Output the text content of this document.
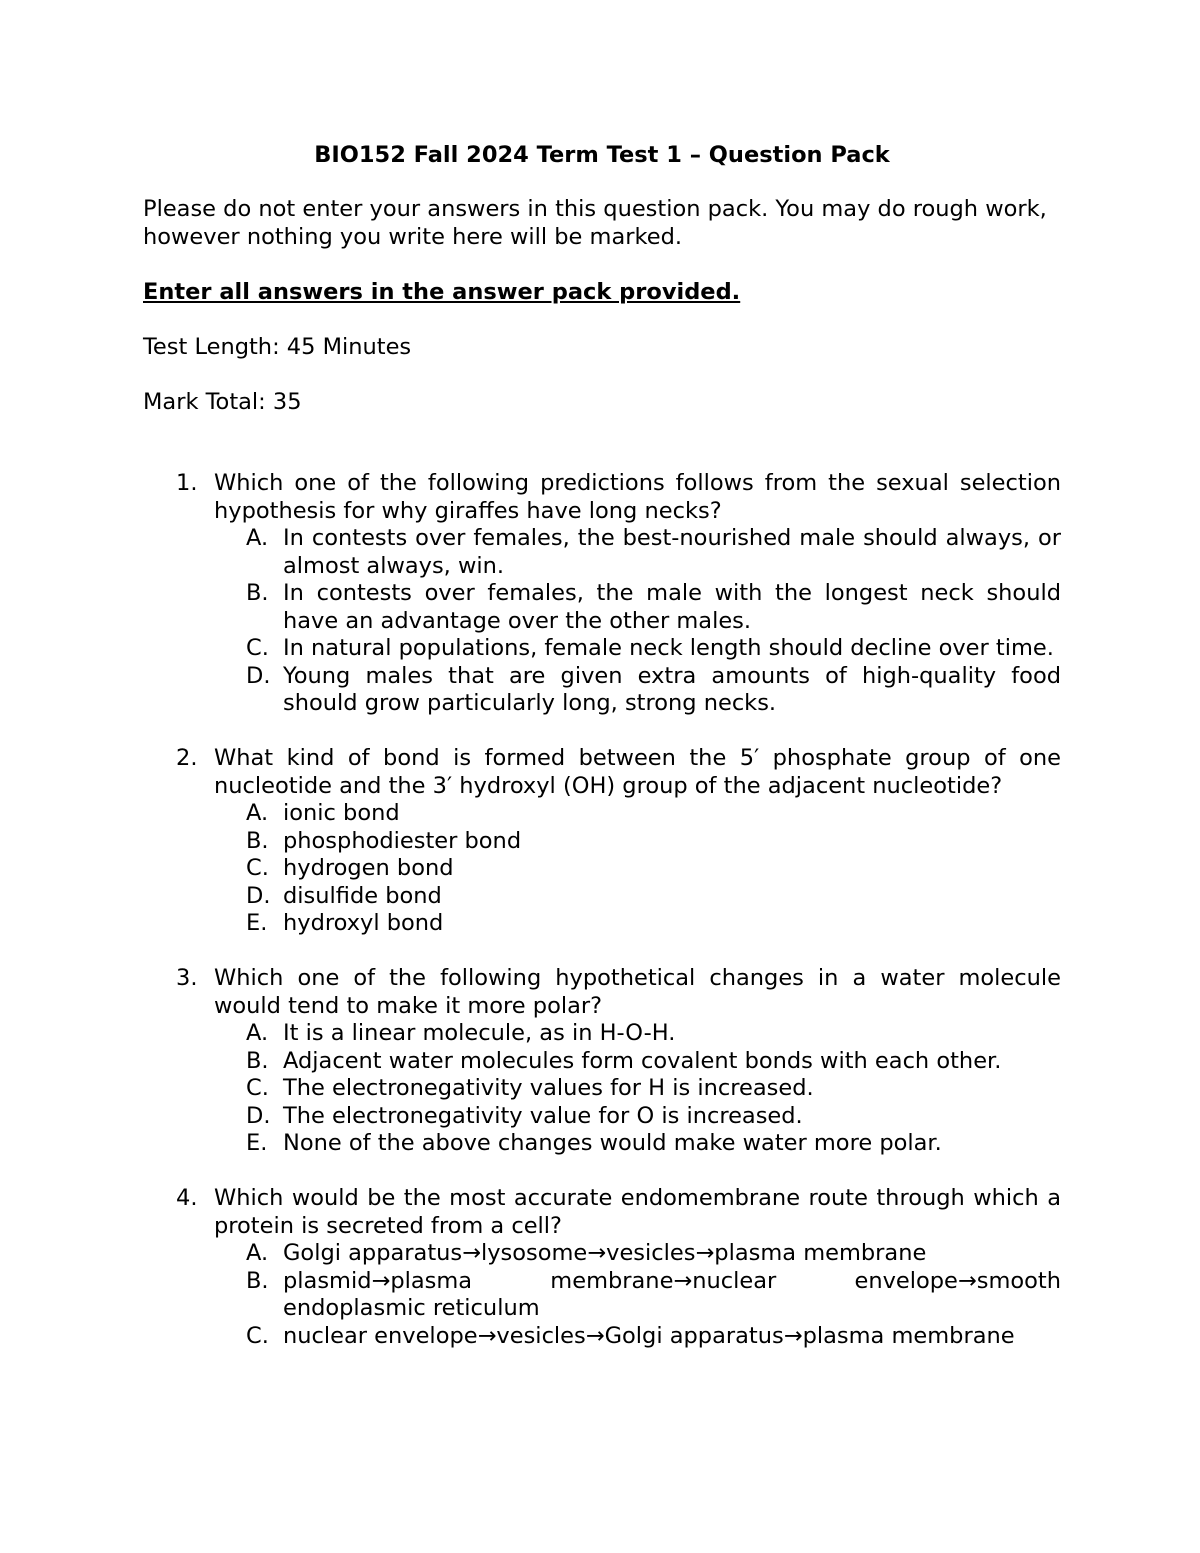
BIO152 Fall 2024 Term Test 1 – Question Pack

Please do not enter your answers in this question pack. You may do rough work, however nothing you write here will be marked.

Enter all answers in the answer pack provided.

Test Length: 45 Minutes

Mark Total: 35

1. Which one of the following predictions follows from the sexual selection hypothesis for why giraffes have long necks?
A. In contests over females, the best-nourished male should always, or almost always, win.
B. In contests over females, the male with the longest neck should have an advantage over the other males.
C. In natural populations, female neck length should decline over time.
D. Young males that are given extra amounts of high-quality food should grow particularly long, strong necks.
2. What kind of bond is formed between the 5′ phosphate group of one nucleotide and the 3′ hydroxyl (OH) group of the adjacent nucleotide?
A. ionic bond
B. phosphodiester bond
C. hydrogen bond
D. disulfide bond
E. hydroxyl bond
3. Which one of the following hypothetical changes in a water molecule would tend to make it more polar?
A. It is a linear molecule, as in H-O-H.
B. Adjacent water molecules form covalent bonds with each other.
C. The electronegativity values for H is increased.
D. The electronegativity value for O is increased.
E. None of the above changes would make water more polar.
4. Which would be the most accurate endomembrane route through which a protein is secreted from a cell?
A. Golgi apparatus→lysosome→vesicles→plasma membrane
B. plasmid→plasma membrane→nuclear envelope→smooth endoplasmic reticulum
C. nuclear envelope→vesicles→Golgi apparatus→plasma membrane
